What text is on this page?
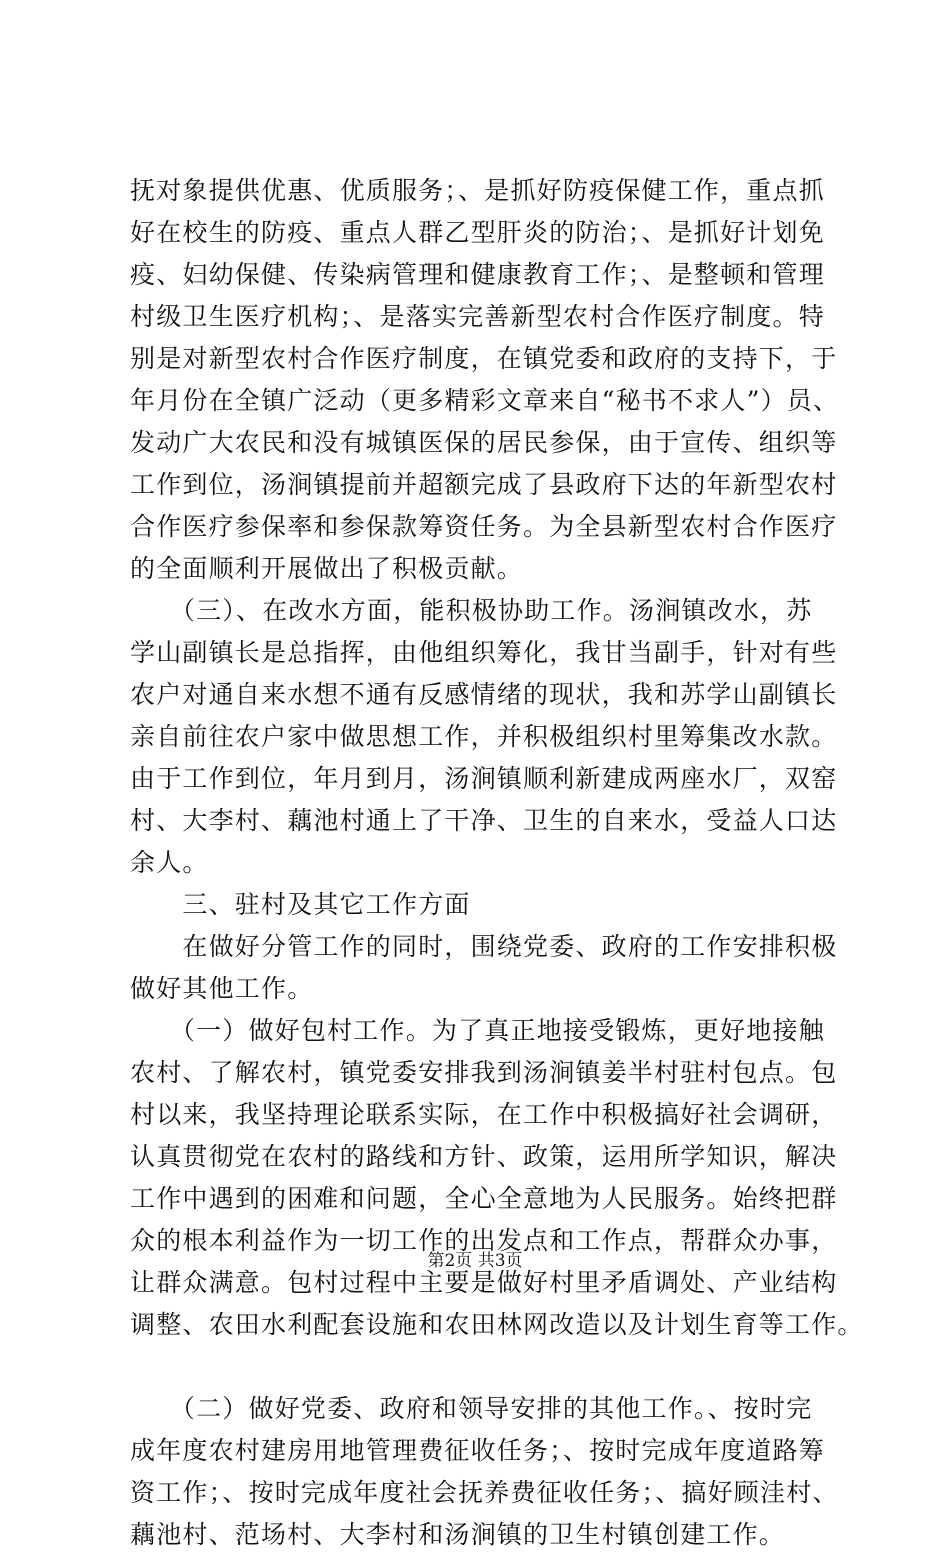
抚对象提供优惠、优质服务；、是抓好防疫保健工作，重点抓
好在校生的防疫、重点人群乙型肝炎的防治；、是抓好计划免
疫、妇幼保健、传染病管理和健康教育工作；、是整顿和管理
村级卫生医疗机构；、是落实完善新型农村合作医疗制度。特
别是对新型农村合作医疗制度，在镇党委和政府的支持下，于
年月份在全镇广泛动（更多精彩文章来自“秘书不求人”）员、
发动广大农民和没有城镇医保的居民参保，由于宣传、组织等
工作到位，汤涧镇提前并超额完成了县政府下达的年新型农村
合作医疗参保率和参保款筹资任务。为全县新型农村合作医疗
的全面顺利开展做出了积极贡献。
　　（三）、在改水方面，能积极协助工作。汤涧镇改水，苏
学山副镇长是总指挥，由他组织筹化，我甘当副手，针对有些
农户对通自来水想不通有反感情绪的现状，我和苏学山副镇长
亲自前往农户家中做思想工作，并积极组织村里筹集改水款。
由于工作到位，年月到月，汤涧镇顺利新建成两座水厂，双窑
村、大李村、藕池村通上了干净、卫生的自来水，受益人口达
余人。
　　三、驻村及其它工作方面
　　在做好分管工作的同时，围绕党委、政府的工作安排积极
做好其他工作。
　　（一）做好包村工作。为了真正地接受锻炼，更好地接触
农村、了解农村，镇党委安排我到汤涧镇姜半村驻村包点。包
村以来，我坚持理论联系实际，在工作中积极搞好社会调研，
认真贯彻党在农村的路线和方针、政策，运用所学知识，解决
工作中遇到的困难和问题，全心全意地为人民服务。始终把群
众的根本利益作为一切工作的出发点和工作点，帮群众办事，
让群众满意。包村过程中主要是做好村里矛盾调处、产业结构
调整、农田水利配套设施和农田林网改造以及计划生育等工作。
　　（二）做好党委、政府和领导安排的其他工作。、按时完
成年度农村建房用地管理费征收任务；、按时完成年度道路筹
资工作；、按时完成年度社会抚养费征收任务；、搞好顾洼村、
藕池村、范场村、大李村和汤涧镇的卫生村镇创建工作。
第2页 共3页
